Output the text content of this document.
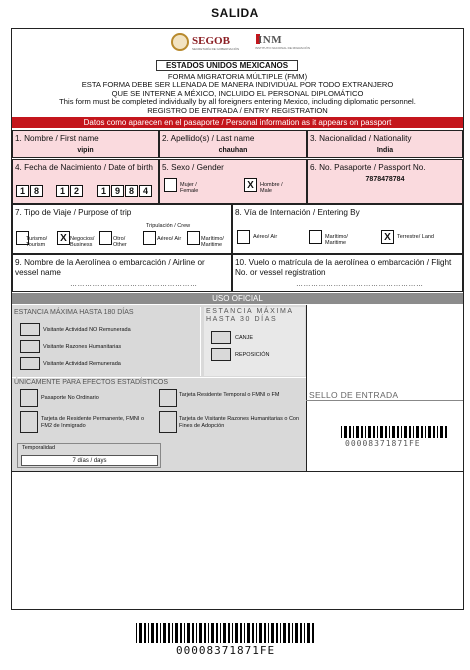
SALIDA
SEGOB
SECRETARÍA DE GOBERNACIÓN
INM
INSTITUTO NACIONAL DE MIGRACIÓN
ESTADOS UNIDOS MEXICANOS
FORMA MIGRATORIA MÚLTIPLE (FMM)
ESTA FORMA DEBE SER LLENADA DE MANERA INDIVIDUAL POR TODO EXTRANJERO
QUE SE INTERNE A MÉXICO, INCLUIDO EL PERSONAL DIPLOMÁTICO
This form must be completed individually by all foreigners entering Mexico, including diplomatic personnel.
REGISTRO DE ENTRADA / ENTRY REGISTRATION
Datos como aparecen en el pasaporte / Personal information as it appears on passport
1. Nombre / First name
vipin
2. Apellido(s) / Last name
chauhan
3. Nacionalidad / Nationality
India
4. Fecha de Nacimiento / Date of birth
1 8	1 2	1 9 8 4
5. Sexo / Gender
Mujer / Female	X	Hombre / Male
6. No. Pasaporte / Passport No.
7878478784
7. Tipo de Viaje / Purpose of trip
Tripulación / Crew
Turismo/ Tourism
X Negocios/ Business
Otro/ Other
Aéreo/ Air	Marítimo/ Maritime
8. Vía de Internación / Entering By
Aéreo/ Air	Marítimo/ Maritime	X	Terrestre/ Land
9. Nombre de la Aerolínea o embarcación / Airline or vessel name
……………………………………………
10. Vuelo o matrícula de la aerolínea o embarcación / Flight No. or vessel registration
……………………………………………
USO OFICIAL
ESTANCIA MÁXIMA HASTA 180 DÍAS
Visitante Actividad NO Remunerada
Visitante Razones Humanitarias
Visitante Actividad Remunerada
ESTANCIA MÁXIMA HASTA 30 DÍAS
CANJE
REPOSICIÓN
ÚNICAMENTE PARA EFECTOS ESTADÍSTICOS
Pasaporte No Ordinario	Tarjeta Residente Temporal o FMNI o FM
Tarjeta de Residente Permanente, FMNI o FM2 de Inmigrado
Tarjeta de Visitante Razones Humanitarias o Con Fines de Adopción
Temporalidad
7 días / days
SELLO DE ENTRADA
00008371871FE
00008371871FE
